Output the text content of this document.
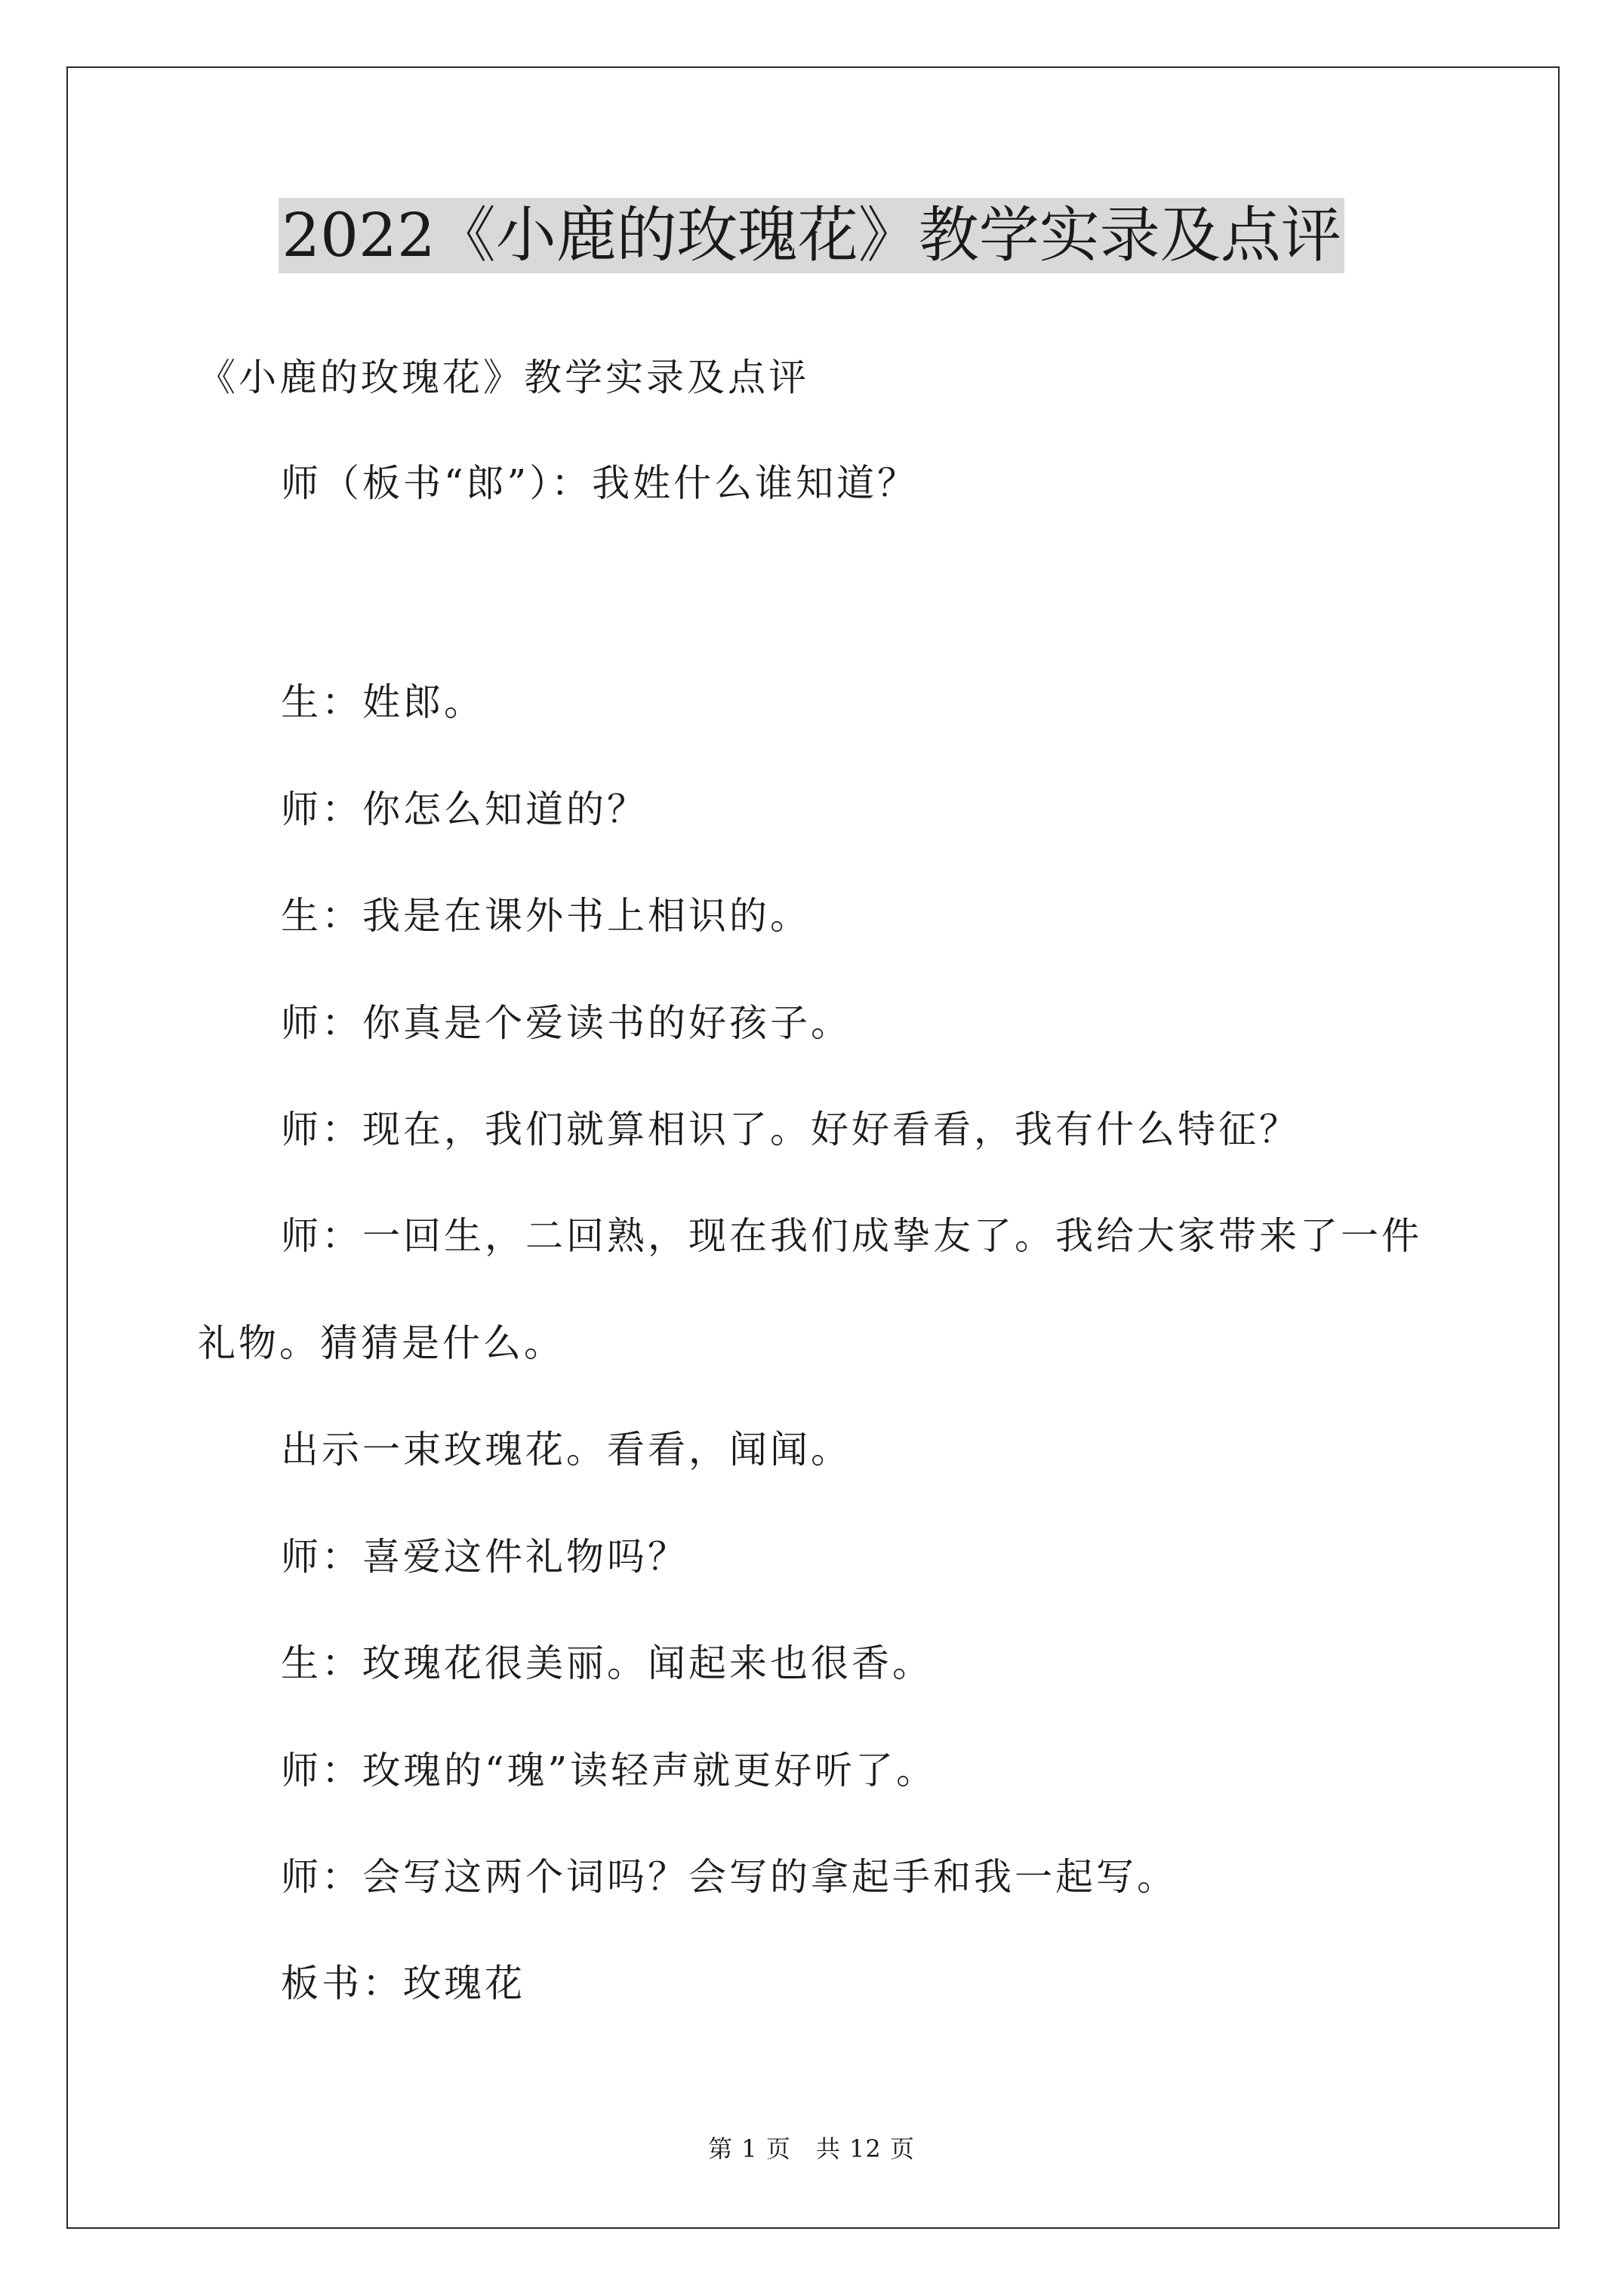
2022《小鹿的玫瑰花》教学实录及点评

《小鹿的玫瑰花》教学实录及点评

师（板书“郎”）：我姓什么谁知道？

生：姓郎。

师：你怎么知道的？

生：我是在课外书上相识的。

师：你真是个爱读书的好孩子。

师：现在，我们就算相识了。好好看看，我有什么特征？

师：一回生，二回熟，现在我们成挚友了。我给大家带来了一件

礼物。猜猜是什么。

出示一束玫瑰花。看看，闻闻。

师：喜爱这件礼物吗？

生：玫瑰花很美丽。闻起来也很香。

师：玫瑰的“瑰”读轻声就更好听了。

师：会写这两个词吗？会写的拿起手和我一起写。

板书：玫瑰花

第 1 页　共 12 页
